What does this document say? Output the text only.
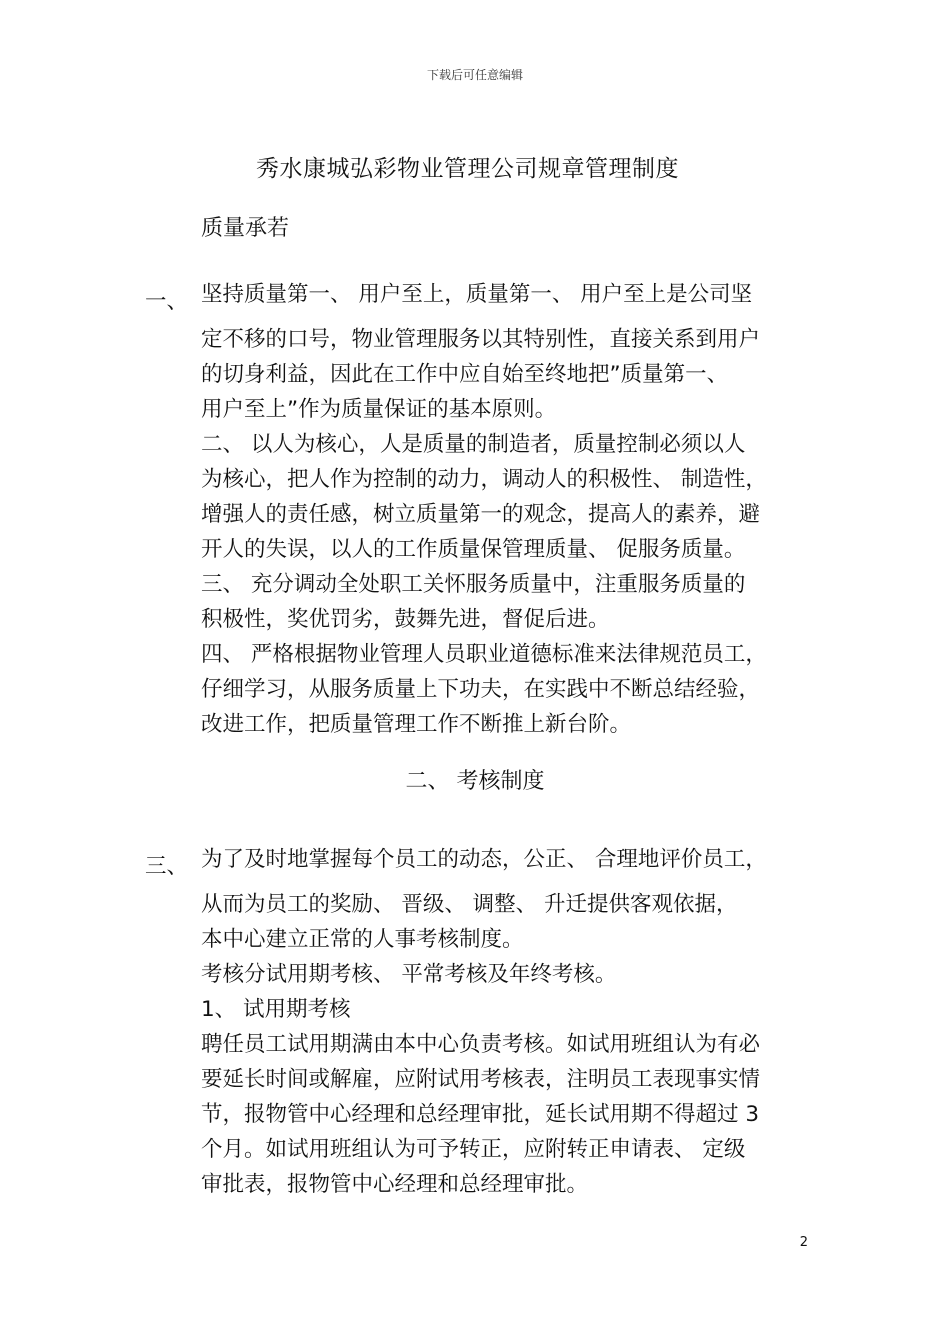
下载后可任意编辑
秀水康城弘彩物业管理公司规章管理制度
质量承若
一、 坚持质量第一、 用户至上，质量第一、 用户至上是公司坚
定不移的口号，物业管理服务以其特别性，直接关系到用户
的切身利益，因此在工作中应自始至终地把”质量第一、
用户至上”作为质量保证的基本原则。
二、 以人为核心，人是质量的制造者，质量控制必须以人
为核心，把人作为控制的动力，调动人的积极性、 制造性，
增强人的责任感，树立质量第一的观念，提高人的素养，避
开人的失误，以人的工作质量保管理质量、 促服务质量。
三、 充分调动全处职工关怀服务质量中，注重服务质量的
积极性，奖优罚劣，鼓舞先进，督促后进。
四、 严格根据物业管理人员职业道德标准来法律规范员工，
仔细学习，从服务质量上下功夫，在实践中不断总结经验，
改进工作，把质量管理工作不断推上新台阶。
二、 考核制度
三、 为了及时地掌握每个员工的动态，公正、 合理地评价员工，
从而为员工的奖励、 晋级、 调整、 升迁提供客观依据，
本中心建立正常的人事考核制度。
考核分试用期考核、 平常考核及年终考核。
1、 试用期考核
聘任员工试用期满由本中心负责考核。如试用班组认为有必
要延长时间或解雇，应附试用考核表，注明员工表现事实情
节，报物管中心经理和总经理审批，延长试用期不得超过 3
个月。如试用班组认为可予转正，应附转正申请表、 定级
审批表，报物管中心经理和总经理审批。
2
